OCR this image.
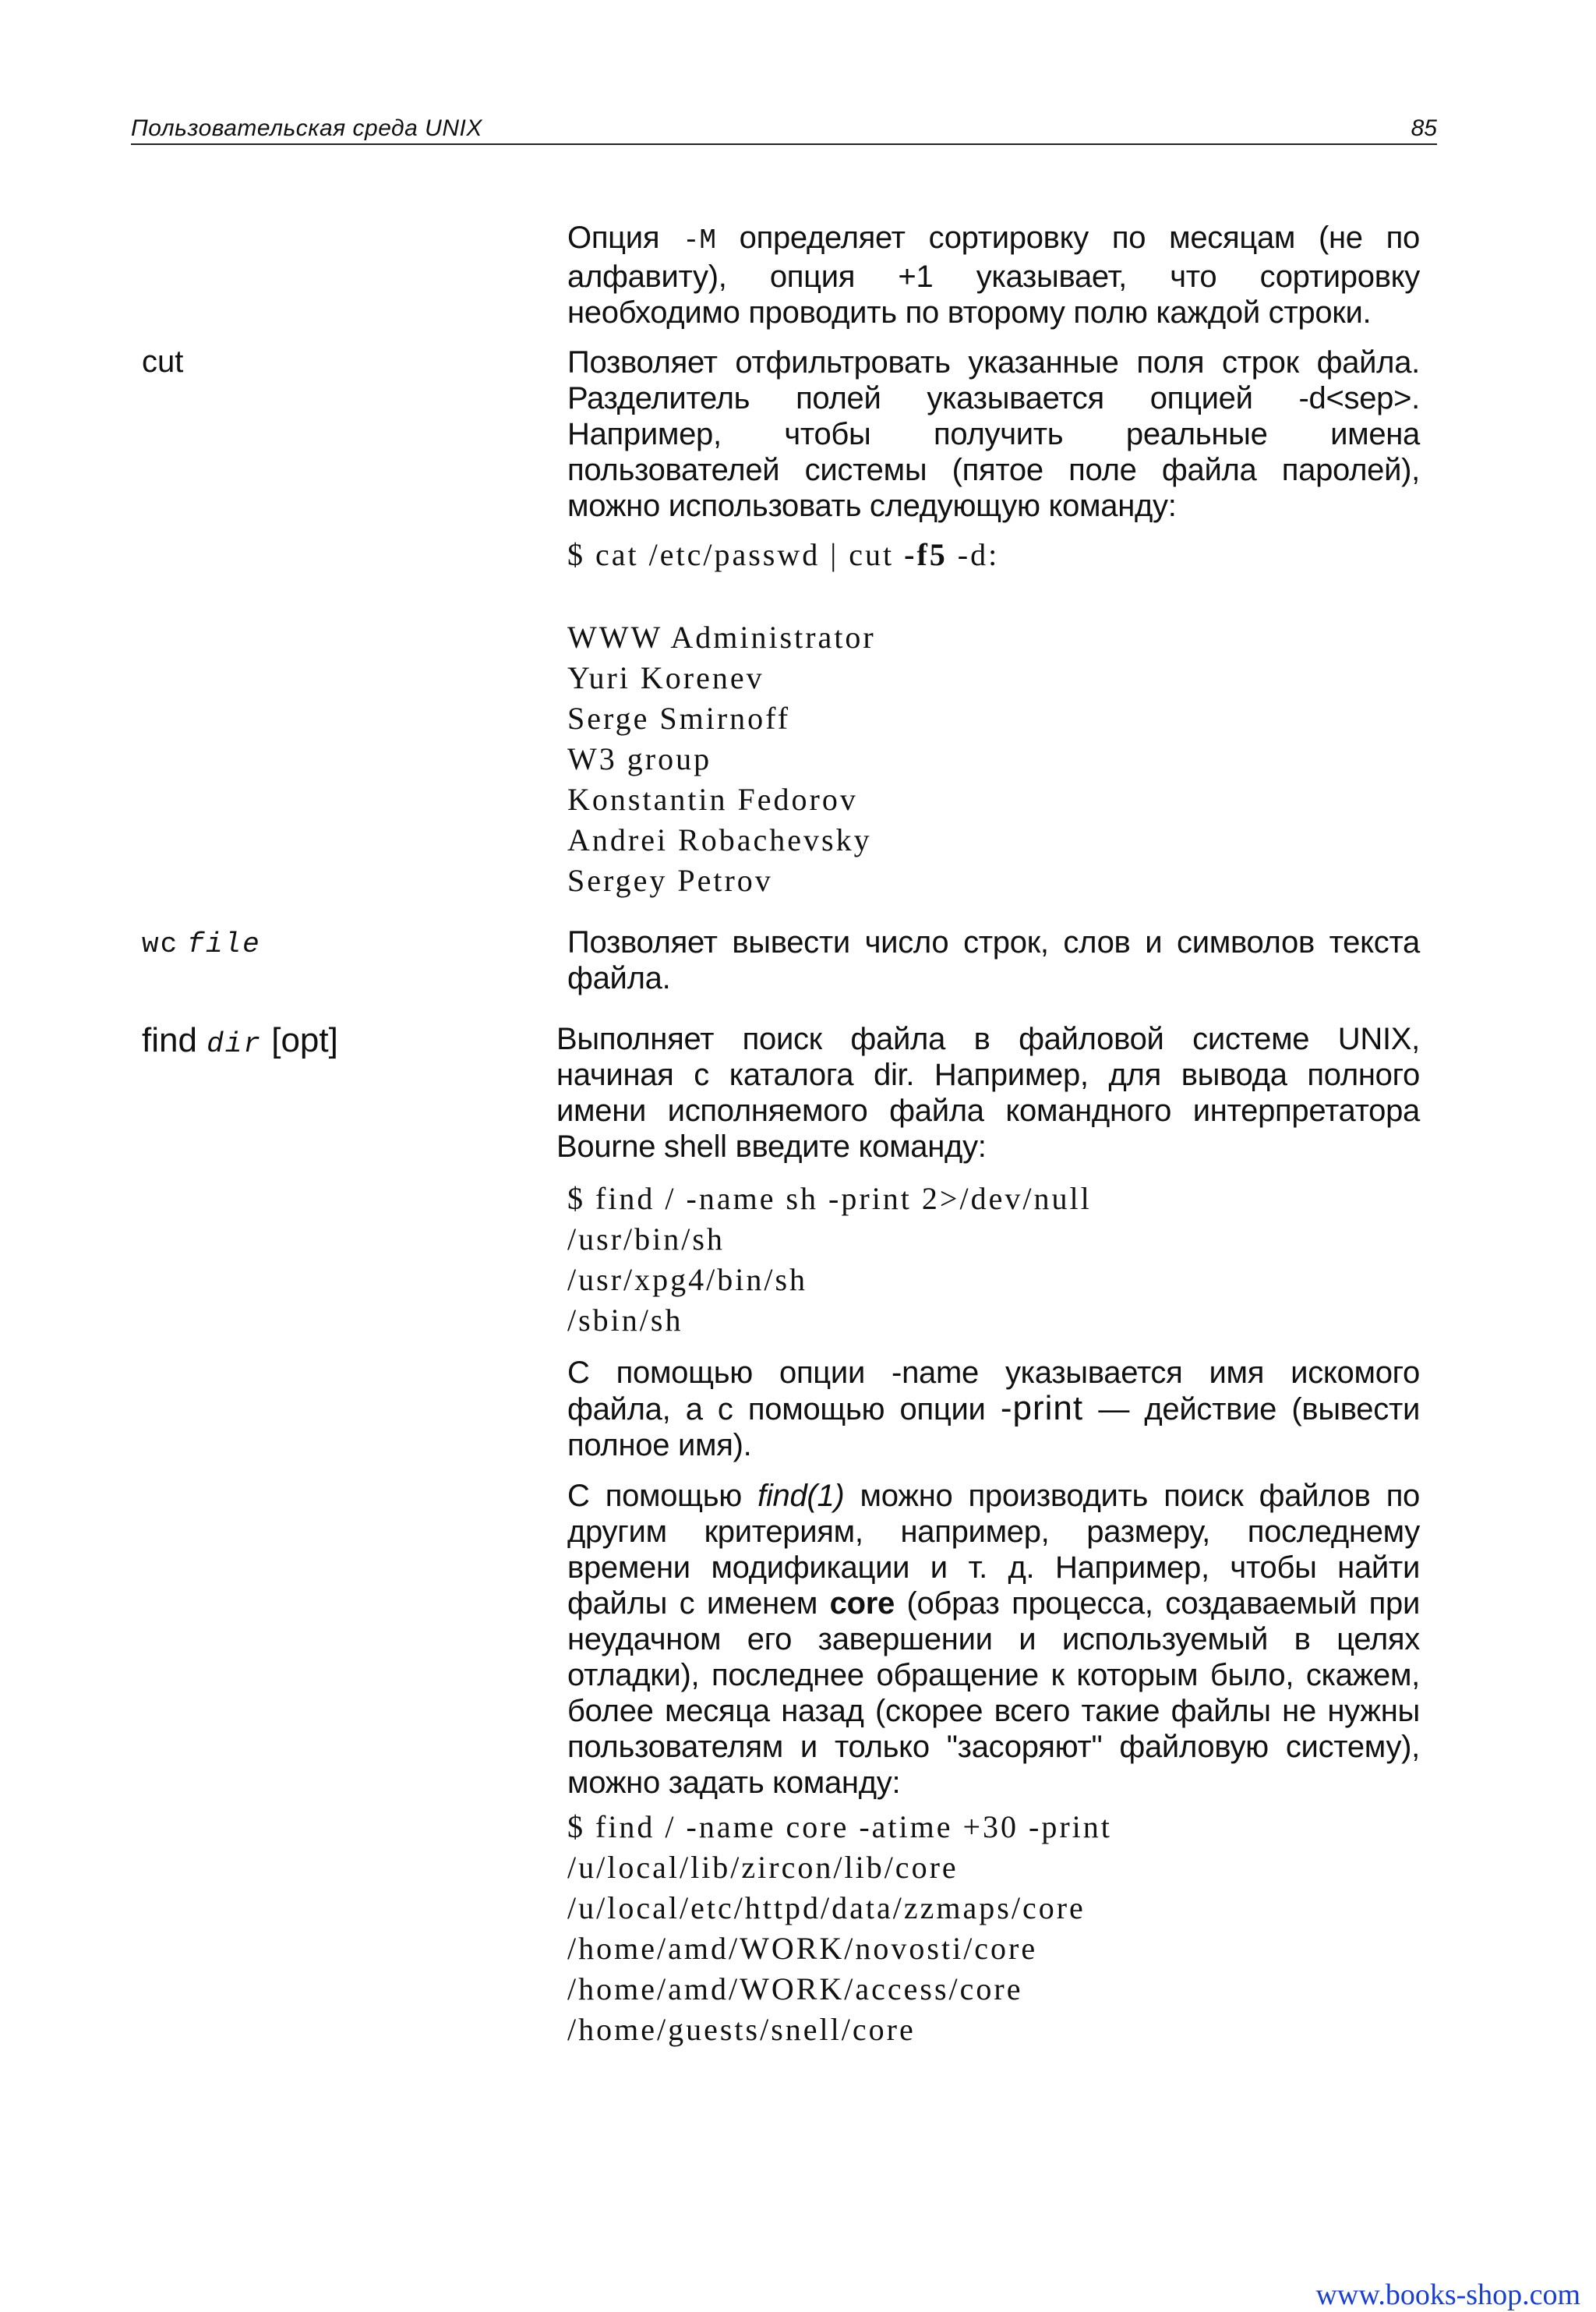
Пользовательская среда UNIX	85
Опция -M определяет сортировку по месяцам (не по алфавиту), опция +1 указывает, что сортировку необходимо проводить по второму полю каждой строки.
cut	Позволяет отфильтровать указанные поля строк файла. Разделитель полей указывается опцией -d<sep>. Например, чтобы получить реальные имена пользователей системы (пятое поле файла паролей), можно использовать следующую команду:
$ cat /etc/passwd | cut -f5 -d:
WWW Administrator
Yuri Korenev
Serge Smirnoff
W3 group
Konstantin Fedorov
Andrei Robachevsky
Sergey Petrov
wc file	Позволяет вывести число строк, слов и символов текста файла.
find dir [opt]	Выполняет поиск файла в файловой системе UNIX, начиная с каталога dir. Например, для вывода полного имени исполняемого файла командного интерпретатора Bourne shell введите команду:
$ find / -name sh -print 2>/dev/null
/usr/bin/sh
/usr/xpg4/bin/sh
/sbin/sh
С помощью опции -name указывается имя искомого файла, а с помощью опции -print — действие (вывести полное имя).
С помощью find(1) можно производить поиск файлов по другим критериям, например, размеру, последнему времени модификации и т. д. Например, чтобы найти файлы с именем core (образ процесса, создаваемый при неудачном его завершении и используемый в целях отладки), последнее обращение к которым было, скажем, более месяца назад (скорее всего такие файлы не нужны пользователям и только "засоряют" файловую систему), можно задать команду:
$ find / -name core -atime +30 -print
/u/local/lib/zircon/lib/core
/u/local/etc/httpd/data/zzmaps/core
/home/amd/WORK/novosti/core
/home/amd/WORK/access/core
/home/guests/snell/core
www.books-shop.com
